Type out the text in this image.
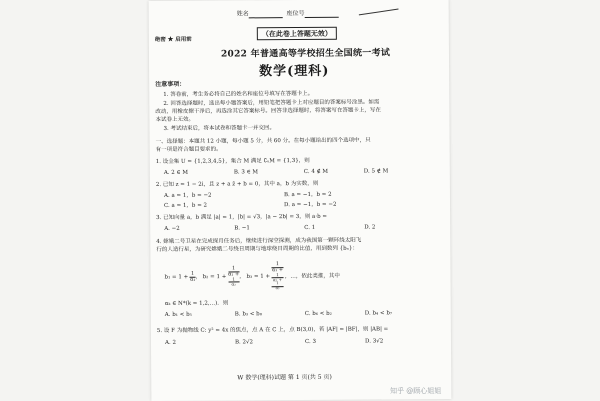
姓名	座位号
（在此卷上答题无效）
绝密 ★ 启用前
2022 年普通高等学校招生全国统一考试
数学(理科)
注意事项：
1. 答卷前，考生务必将自己的姓名和座位号填写在答题卡上。
2. 回答选择题时，选出每小题答案后，用铅笔把答题卡上对应题目的答案标号涂黑。如需
改动，用橡皮擦干净后，再选涂其它答案标号。回答非选择题时，将答案写在答题卡上，写在
本试卷上无效。
3. 考试结束后，将本试卷和答题卡一并交回。
一、选择题：本题共 12 小题，每小题 5 分，共 60 分。在每小题给出的四个选项中，只
有一项是符合题目要求的。
1. 设全集 U = {1,2,3,4,5}，集合 M 满足 ∁ᵤM = {1,3}，则
A. 2 ∈ M	B. 3 ∈ M	C. 4 ∉ M	D. 5 ∉ M
2. 已知 z = 1 − 2i，且 z + a z̄ + b = 0，其中 a，b 为实数，则
A. a = 1，b = −2	B. a = −1，b = 2
C. a = 1，b = 2	D. a = −1，b = −2
3. 已知向量 a，b 满足 |a| = 1，|b| = √3，|a − 2b| = 3，则 a·b =
A. −2	B. −1	C. 1	D. 2
4. 嫦娥二号卫星在完成探月任务后，继续进行深空探测，成为我国第一颗环绕太阳飞
行的人造行星，为研究嫦娥二号绕日周期与地球绕日周期的比值，用到数列 {bₙ}：
$b_1 = 1 + \frac{1}{\text{α₁}}$ ， b₂ = 1 + 1
α₁ +
1
α₂ ， b₃ = 1 + 1
α₁ +
1
α₂ +
1
α₃ ，…，依此类推，其中
αₖ ∈ N*(k = 1,2,…)．则
A. b₁ < b₅	B. b₃ < b₈	C. b₆ < b₂	D. b₄ < b₇
5. 设 F 为抛物线 C: y² = 4x 的焦点，点 A 在 C 上，点 B(3,0)，若 |AF| = |BF|，则 |AB| =
A. 2	B. 2√2	C. 3	D. 3√2
W 数学(理科)试题 第 1 页(共 5 页)
知乎 @顾心姐姐
